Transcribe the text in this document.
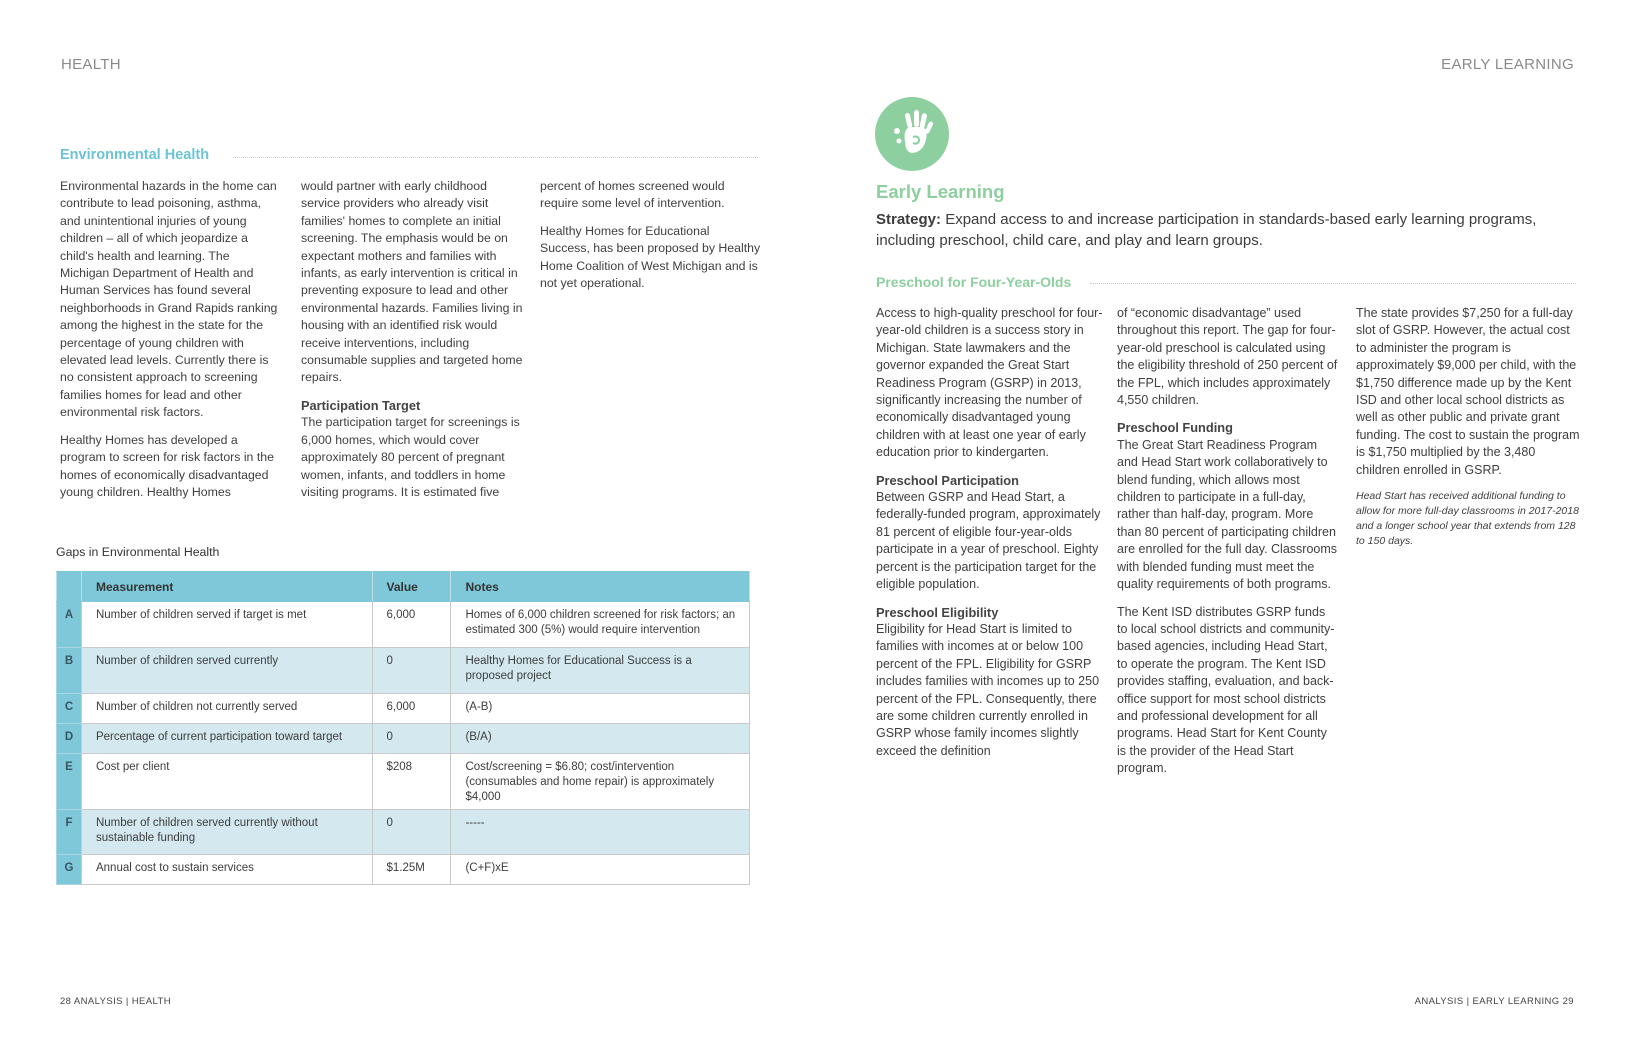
HEALTH
Environmental Health

Environmental hazards in the home can contribute to lead poisoning, asthma, and unintentional injuries of young children – all of which jeopardize a child's health and learning. The Michigan Department of Health and Human Services has found several neighborhoods in Grand Rapids ranking among the highest in the state for the percentage of young children with elevated lead levels. Currently there is no consistent approach to screening families homes for lead and other environmental risk factors.

Healthy Homes has developed a program to screen for risk factors in the homes of economically disadvantaged young children. Healthy Homes

would partner with early childhood service providers who already visit families' homes to complete an initial screening. The emphasis would be on expectant mothers and families with infants, as early intervention is critical in preventing exposure to lead and other environmental hazards. Families living in housing with an identified risk would receive interventions, including consumable supplies and targeted home repairs.

Participation Target

The participation target for screenings is 6,000 homes, which would cover approximately 80 percent of pregnant women, infants, and toddlers in home visiting programs. It is estimated five

percent of homes screened would require some level of intervention.

Healthy Homes for Educational Success, has been proposed by Healthy Home Coalition of West Michigan and is not yet operational.

Gaps in Environmental Health
	Measurement	Value	Notes
A	Number of children served if target is met	6,000	Homes of 6,000 children screened for risk factors; an estimated 300 (5%) would require intervention
B	Number of children served currently	0	Healthy Homes for Educational Success is a proposed project
C	Number of children not currently served	6,000	(A-B)
D	Percentage of current participation toward target	0	(B/A)
E	Cost per client	$208	Cost/screening = $6.80; cost/intervention (consumables and home repair) is approximately $4,000
F	Number of children served currently without sustainable funding	0	-----
G	Annual cost to sustain services	$1.25M	(C+F)xE
28 ANALYSIS | HEALTH
EARLY LEARNING
Early Learning
Strategy: Expand access to and increase participation in standards-based early learning programs, including preschool, child care, and play and learn groups.
Preschool for Four-Year-Olds

Access to high-quality preschool for four-year-old children is a success story in Michigan. State lawmakers and the governor expanded the Great Start Readiness Program (GSRP) in 2013, significantly increasing the number of economically disadvantaged young children with at least one year of early education prior to kindergarten.

Preschool Participation

Between GSRP and Head Start, a federally-funded program, approximately 81 percent of eligible four-year-olds participate in a year of preschool. Eighty percent is the participation target for the eligible population.

Preschool Eligibility

Eligibility for Head Start is limited to families with incomes at or below 100 percent of the FPL. Eligibility for GSRP includes families with incomes up to 250 percent of the FPL. Consequently, there are some children currently enrolled in GSRP whose family incomes slightly exceed the definition

of “economic disadvantage” used throughout this report. The gap for four-year-old preschool is calculated using the eligibility threshold of 250 percent of the FPL, which includes approximately 4,550 children.

Preschool Funding

The Great Start Readiness Program and Head Start work collaboratively to blend funding, which allows most children to participate in a full-day, rather than half-day, program. More than 80 percent of participating children are enrolled for the full day. Classrooms with blended funding must meet the quality requirements of both programs.

The Kent ISD distributes GSRP funds to local school districts and community-based agencies, including Head Start, to operate the program. The Kent ISD provides staffing, evaluation, and back-office support for most school districts and professional development for all programs. Head Start for Kent County is the provider of the Head Start program.

The state provides $7,250 for a full-day slot of GSRP. However, the actual cost to administer the program is approximately $9,000 per child, with the $1,750 difference made up by the Kent ISD and other local school districts as well as other public and private grant funding. The cost to sustain the program is $1,750 multiplied by the 3,480 children enrolled in GSRP.

Head Start has received additional funding to allow for more full-day classrooms in 2017-2018 and a longer school year that extends from 128 to 150 days.

ANALYSIS | EARLY LEARNING 29
